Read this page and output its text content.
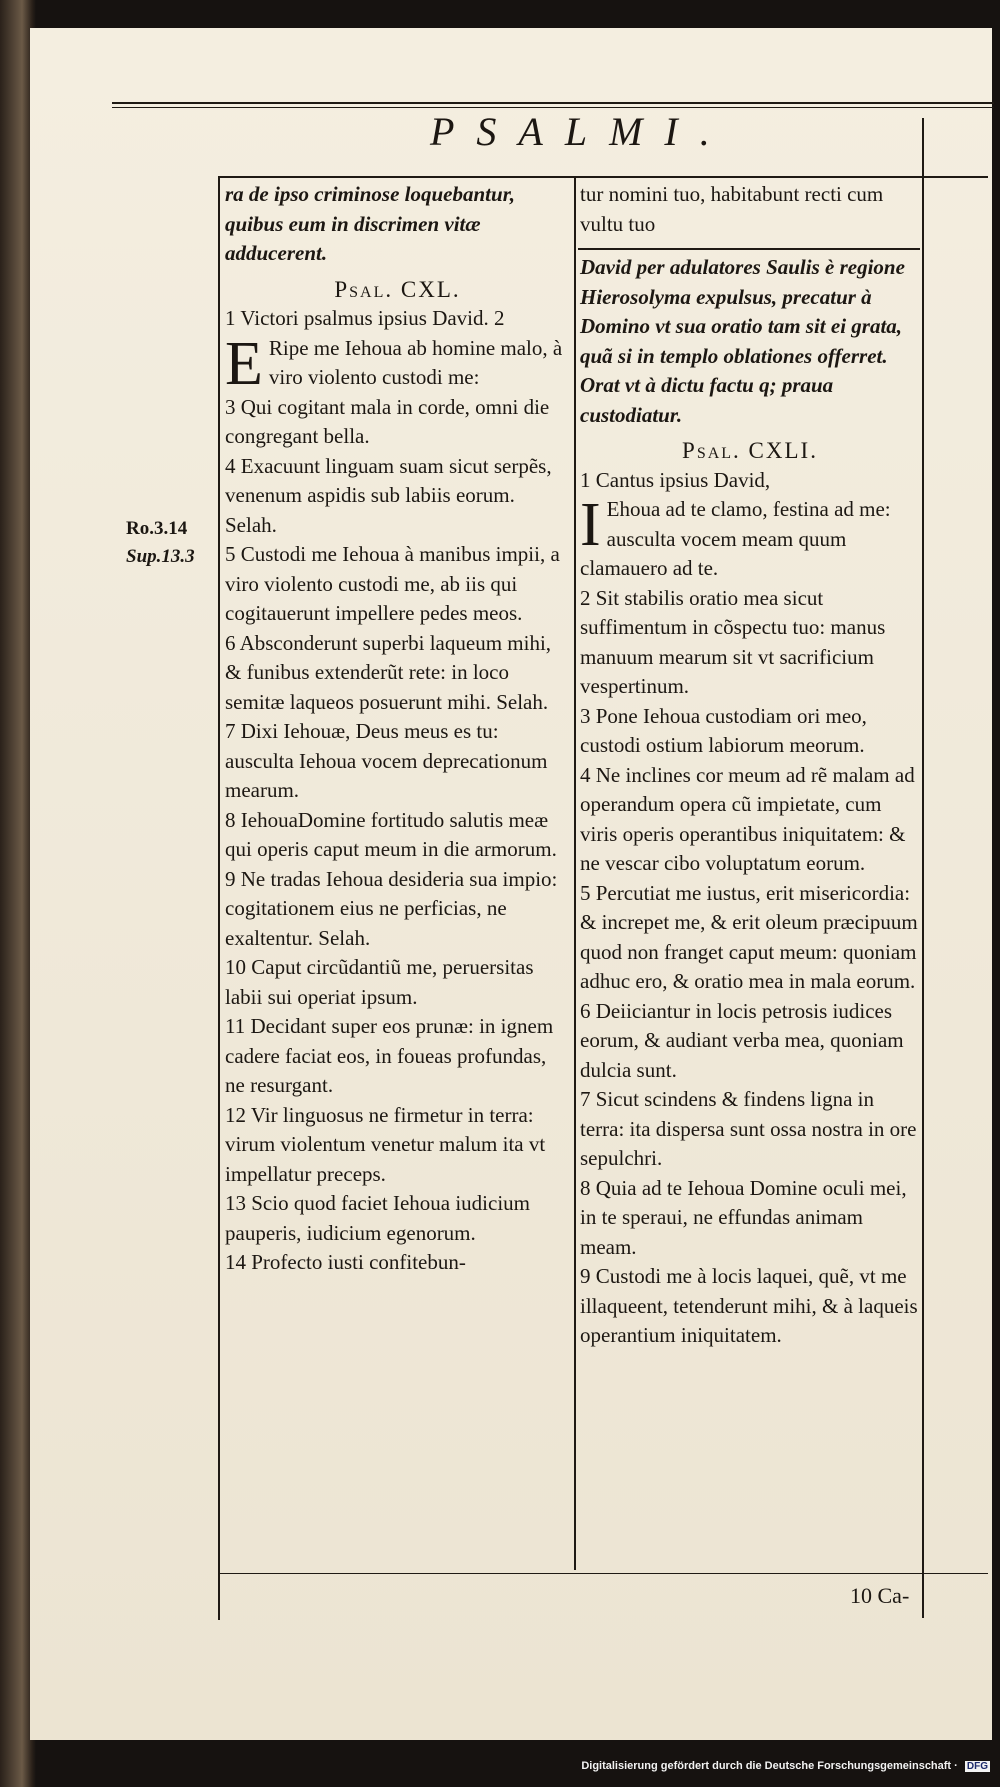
PSALMI.
Ro.3.14
Sup.13.3

ra de ipso criminose loquebantur, quibus eum in discrimen vitæ adducerent.

Psal. CXL.

1 Victori psalmus ipsius David. 2

E Ripe me Iehoua ab homine malo, à viro violento custodi me:

3 Qui cogitant mala in corde, omni die congregant bella.

4 Exacuunt linguam suam sicut serpẽs, venenum aspidis sub labiis eorum. Selah.

5 Custodi me Iehoua à manibus impii, a viro violento custodi me, ab iis qui cogitauerunt impellere pedes meos.

6 Absconderunt superbi laqueum mihi, & funibus extenderũt rete: in loco semitæ laqueos posuerunt mihi. Selah.

7 Dixi Iehouæ, Deus meus es tu: ausculta Iehoua vocem deprecationum mearum.

8 IehouaDomine fortitudo salutis meæ qui operis caput meum in die armorum.

9 Ne tradas Iehoua desideria sua impio: cogitationem eius ne perficias, ne exaltentur. Selah.

10 Caput circũdantiũ me, peruersitas labii sui operiat ipsum.

11 Decidant super eos prunæ: in ignem cadere faciat eos, in foueas profundas, ne resurgant.

12 Vir linguosus ne firmetur in terra: virum violentum venetur malum ita vt impellatur preceps.

13 Scio quod faciet Iehoua iudicium pauperis, iudicium egenorum.

14 Profecto iusti confitebun-

tur nomini tuo, habitabunt recti cum vultu tuo

David per adulatores Saulis è regione Hierosolyma expulsus, precatur à Domino vt sua oratio tam sit ei grata, quã si in templo oblationes offerret. Orat vt à dictu factu q; praua custodiatur.

Psal. CXLI.

1 Cantus ipsius David,

I Ehoua ad te clamo, festina ad me: ausculta vocem meam quum clamauero ad te.

2 Sit stabilis oratio mea sicut suffimentum in cõspectu tuo: manus manuum mearum sit vt sacrificium vespertinum.

3 Pone Iehoua custodiam ori meo, custodi ostium labiorum meorum.

4 Ne inclines cor meum ad rẽ malam ad operandum opera cũ impietate, cum viris operis operantibus iniquitatem: & ne vescar cibo voluptatum eorum.

5 Percutiat me iustus, erit misericordia: & increpet me, & erit oleum præcipuum quod non franget caput meum: quoniam adhuc ero, & oratio mea in mala eorum.

6 Deiiciantur in locis petrosis iudices eorum, & audiant verba mea, quoniam dulcia sunt.

7 Sicut scindens & findens ligna in terra: ita dispersa sunt ossa nostra in ore sepulchri.

8 Quia ad te Iehoua Domine oculi mei, in te speraui, ne effundas animam meam.

9 Custodi me à locis laquei, quẽ, vt me illaqueent, tetenderunt mihi, & à laqueis operantium iniquitatem.

10 Ca-
Digitalisierung gefördert durch die Deutsche Forschungsgemeinschaft · DFG
